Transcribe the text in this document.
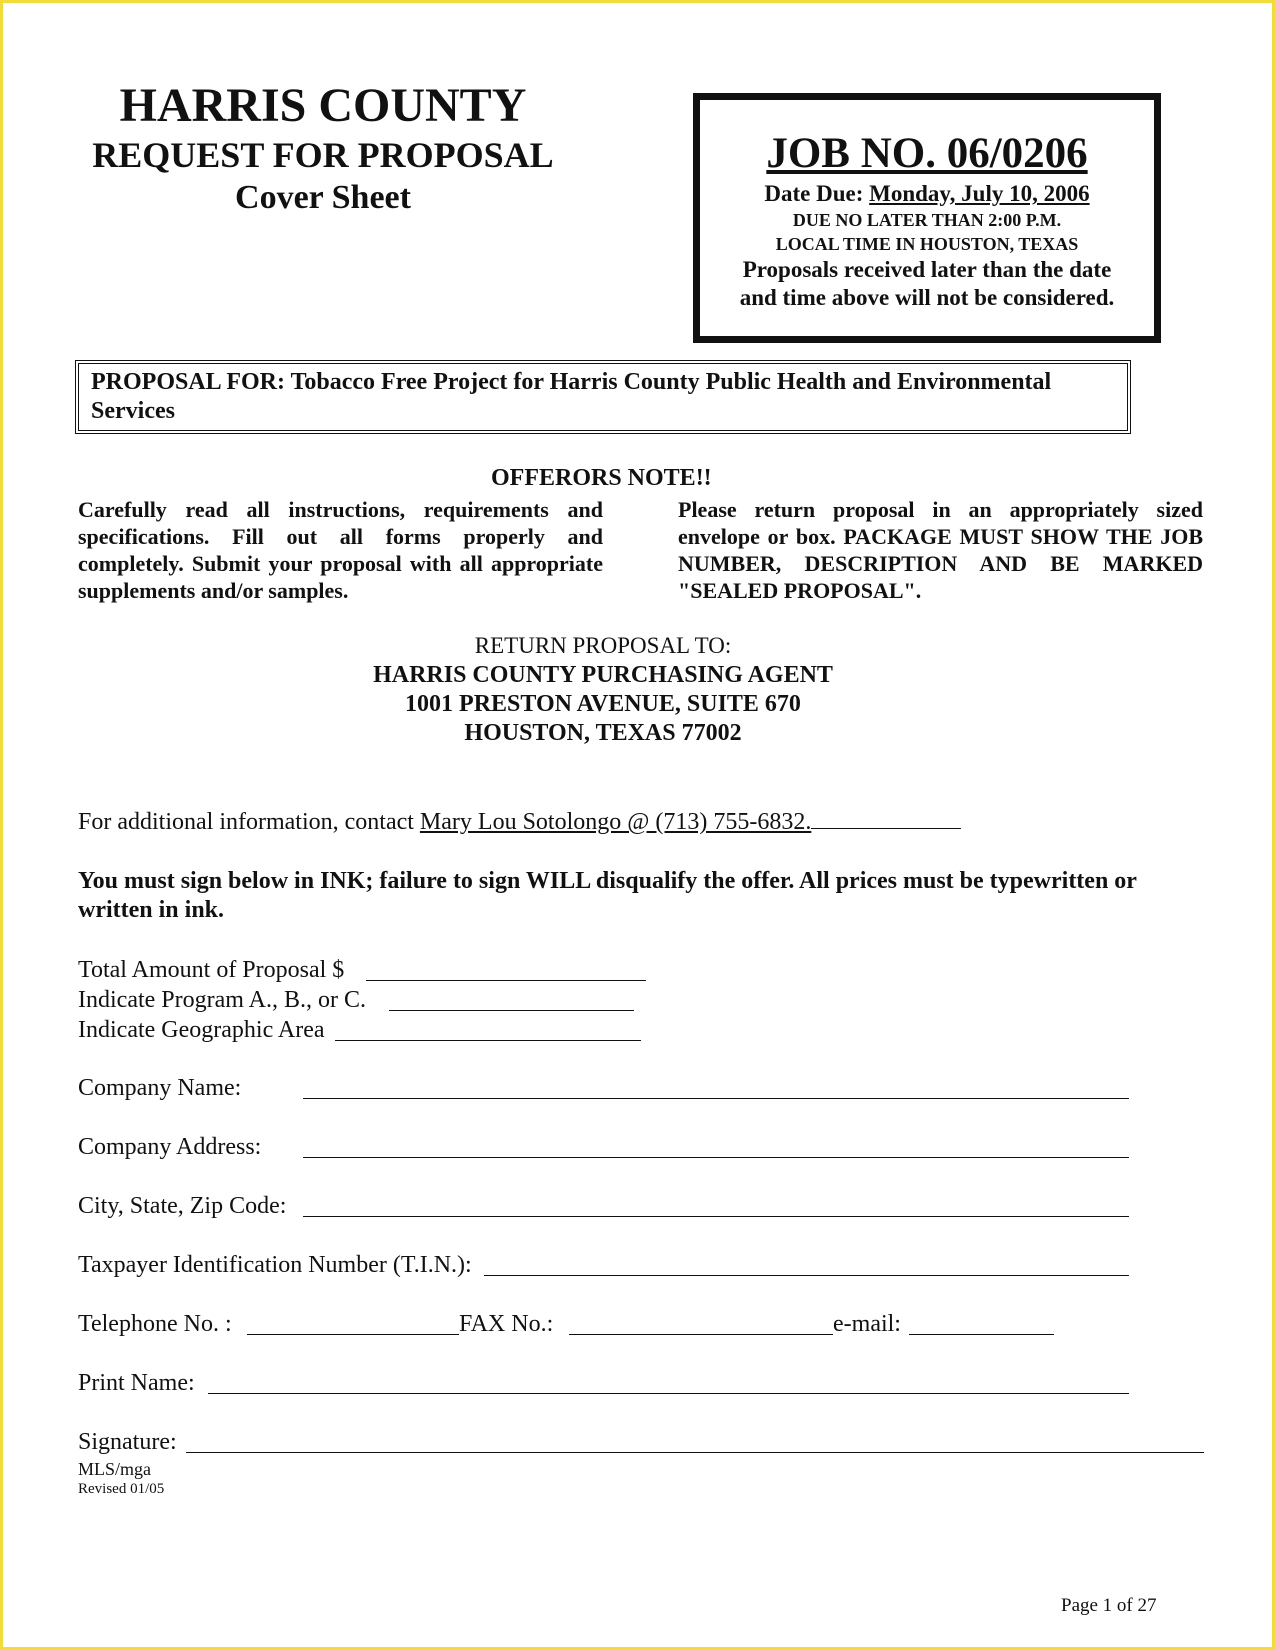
HARRIS COUNTY
REQUEST FOR PROPOSAL
Cover Sheet
JOB NO. 06/0206
Date Due: Monday, July 10, 2006
DUE NO LATER THAN 2:00 P.M.
LOCAL TIME IN HOUSTON, TEXAS
Proposals received later than the date
and time above will not be considered.
PROPOSAL FOR: Tobacco Free Project for Harris County Public Health and Environmental Services
OFFERORS NOTE!!
Carefully read all instructions, requirements and specifications. Fill out all forms properly and completely. Submit your proposal with all appropriate supplements and/or samples.
Please return proposal in an appropriately sized envelope or box. PACKAGE MUST SHOW THE JOB NUMBER, DESCRIPTION AND BE MARKED "SEALED PROPOSAL".
RETURN PROPOSAL TO:
HARRIS COUNTY PURCHASING AGENT
1001 PRESTON AVENUE, SUITE 670
HOUSTON, TEXAS 77002
For additional information, contact Mary Lou Sotolongo @ (713) 755-6832.
You must sign below in INK; failure to sign WILL disqualify the offer. All prices must be typewritten or written in ink.
Total Amount of Proposal $
Indicate Program A., B., or C.
Indicate Geographic Area
Company Name:
Company Address:
City, State, Zip Code:
Taxpayer Identification Number (T.I.N.):
Telephone No. :	FAX No.:	e-mail:
Print Name:
Signature:
MLS/mga
Revised 01/05
Page 1 of 27
